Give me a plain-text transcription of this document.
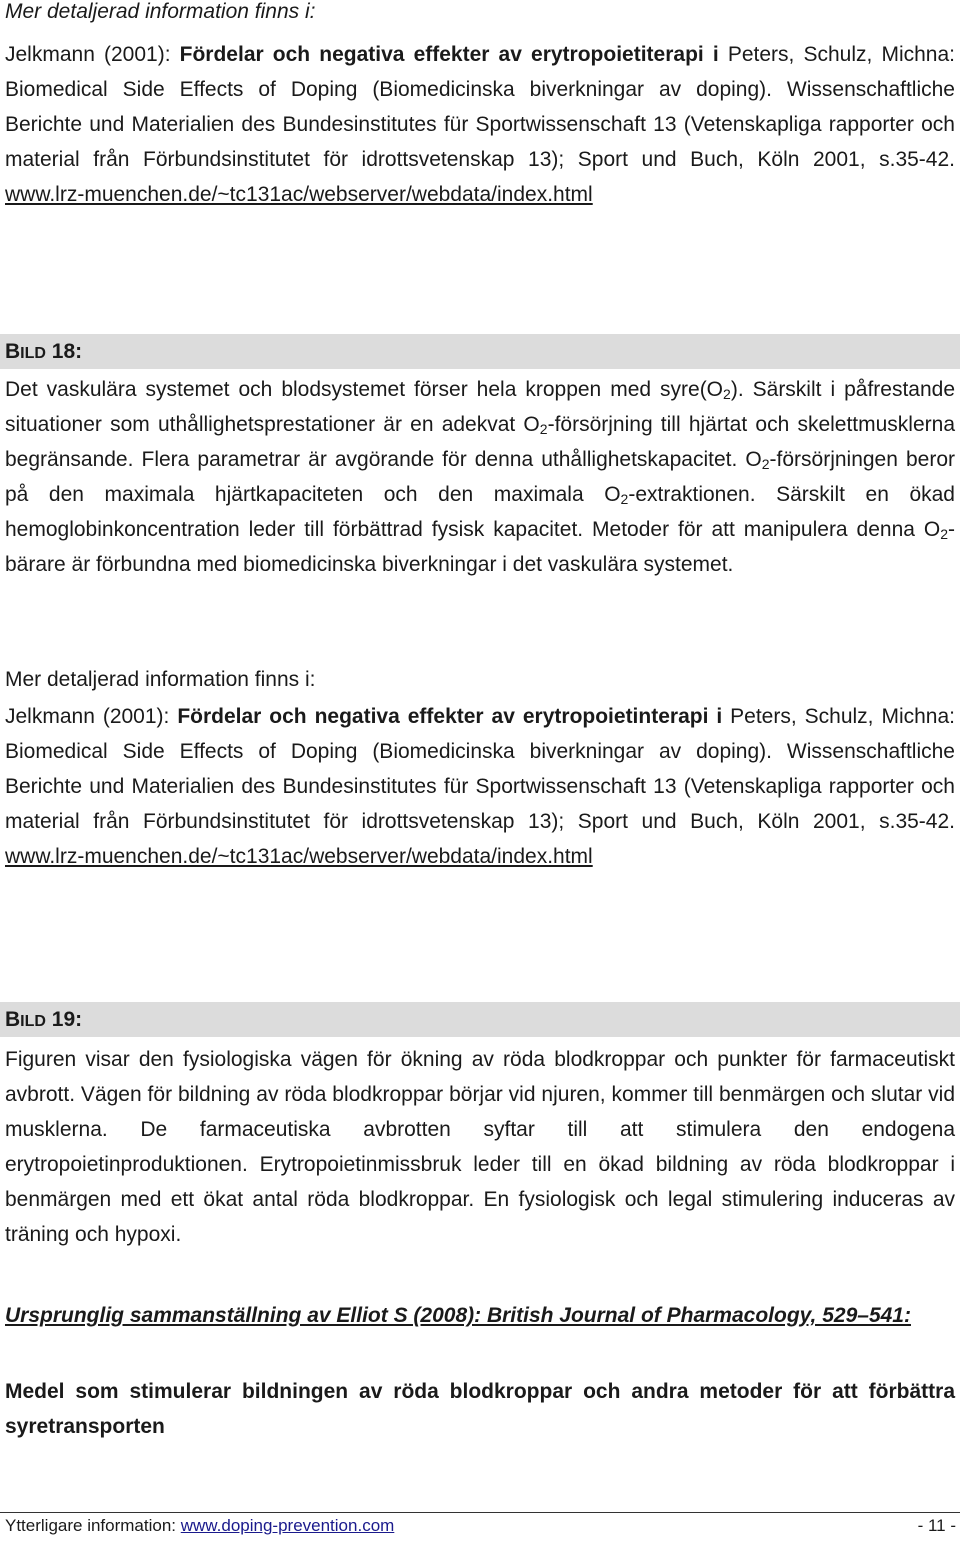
Mer detaljerad information finns i:

Jelkmann (2001): Fördelar och negativa effekter av erytropoietiterapi i Peters, Schulz, Michna: Biomedical Side Effects of Doping (Biomedicinska biverkningar av doping). Wissenschaftliche Berichte und Materialien des Bundesinstitutes für Sportwissenschaft 13 (Vetenskapliga rapporter och material från Förbundsinstitutet för idrottsvetenskap 13); Sport und Buch, Köln 2001, s.35-42. www.lrz-muenchen.de/~tc131ac/webserver/webdata/index.html

BILD 18:

Det vaskulära systemet och blodsystemet förser hela kroppen med $syre(O_2)$. Särskilt i påfrestande situationer som uthållighetsprestationer är en adekvat $O_2$-försörjning till hjärtat och skelettmusklerna begränsande. Flera parametrar är avgörande för denna uthållighetskapacitet. $O_2$-försörjningen beror på den maximala hjärtkapaciteten och den maximala $O_2$-extraktionen. Särskilt en ökad hemoglobinkoncentration leder till förbättrad fysisk kapacitet. Metoder för att manipulera denna $O_2$-bärare är förbundna med biomedicinska biverkningar i det vaskulära systemet.

Mer detaljerad information finns i:

Jelkmann (2001): Fördelar och negativa effekter av erytropoietinterapi i Peters, Schulz, Michna: Biomedical Side Effects of Doping (Biomedicinska biverkningar av doping). Wissenschaftliche Berichte und Materialien des Bundesinstitutes für Sportwissenschaft 13 (Vetenskapliga rapporter och material från Förbundsinstitutet för idrottsvetenskap 13); Sport und Buch, Köln 2001, s.35-42. www.lrz-muenchen.de/~tc131ac/webserver/webdata/index.html

BILD 19:

Figuren visar den fysiologiska vägen för ökning av röda blodkroppar och punkter för farmaceutiskt avbrott. Vägen för bildning av röda blodkroppar börjar vid njuren, kommer till benmärgen och slutar vid musklerna. De farmaceutiska avbrotten syftar till att stimulera den endogena erytropoietinproduktionen. Erytropoietinmissbruk leder till en ökad bildning av röda blodkroppar i benmärgen med ett ökat antal röda blodkroppar. En fysiologisk och legal stimulering induceras av träning och hypoxi.

Ursprunglig sammanställning av Elliot S (2008): British Journal of Pharmacology, 529–541:

Medel som stimulerar bildningen av röda blodkroppar och andra metoder för att förbättra syretransporten

Ytterligare information: www.doping-prevention.com	- 11 -
